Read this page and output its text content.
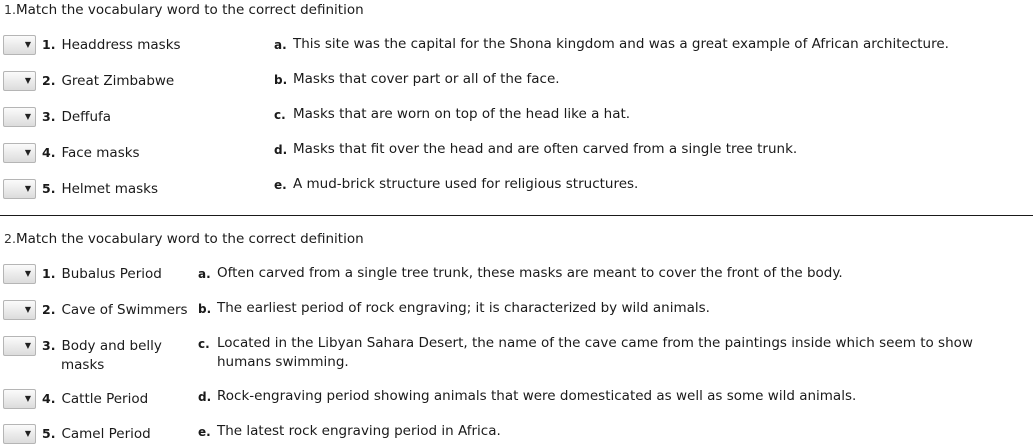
1.Match the vocabulary word to the correct definition
▼ 1. Headdress masks
▼ 2. Great Zimbabwe
▼ 3. Deffufa
▼ 4. Face masks
▼ 5. Helmet masks
a. This site was the capital for the Shona kingdom and was a great example of African architecture.
b. Masks that cover part or all of the face.
c. Masks that are worn on top of the head like a hat.
d. Masks that fit over the head and are often carved from a single tree trunk.
e. A mud-brick structure used for religious structures.
2.Match the vocabulary word to the correct definition
▼ 1. Bubalus Period
▼ 2. Cave of Swimmers
▼ 3. Body and belly masks
▼ 4. Cattle Period
▼ 5. Camel Period
a. Often carved from a single tree trunk, these masks are meant to cover the front of the body.
b. The earliest period of rock engraving; it is characterized by wild animals.
c. Located in the Libyan Sahara Desert, the name of the cave came from the paintings inside which seem to show humans swimming.
d. Rock-engraving period showing animals that were domesticated as well as some wild animals.
e. The latest rock engraving period in Africa.
